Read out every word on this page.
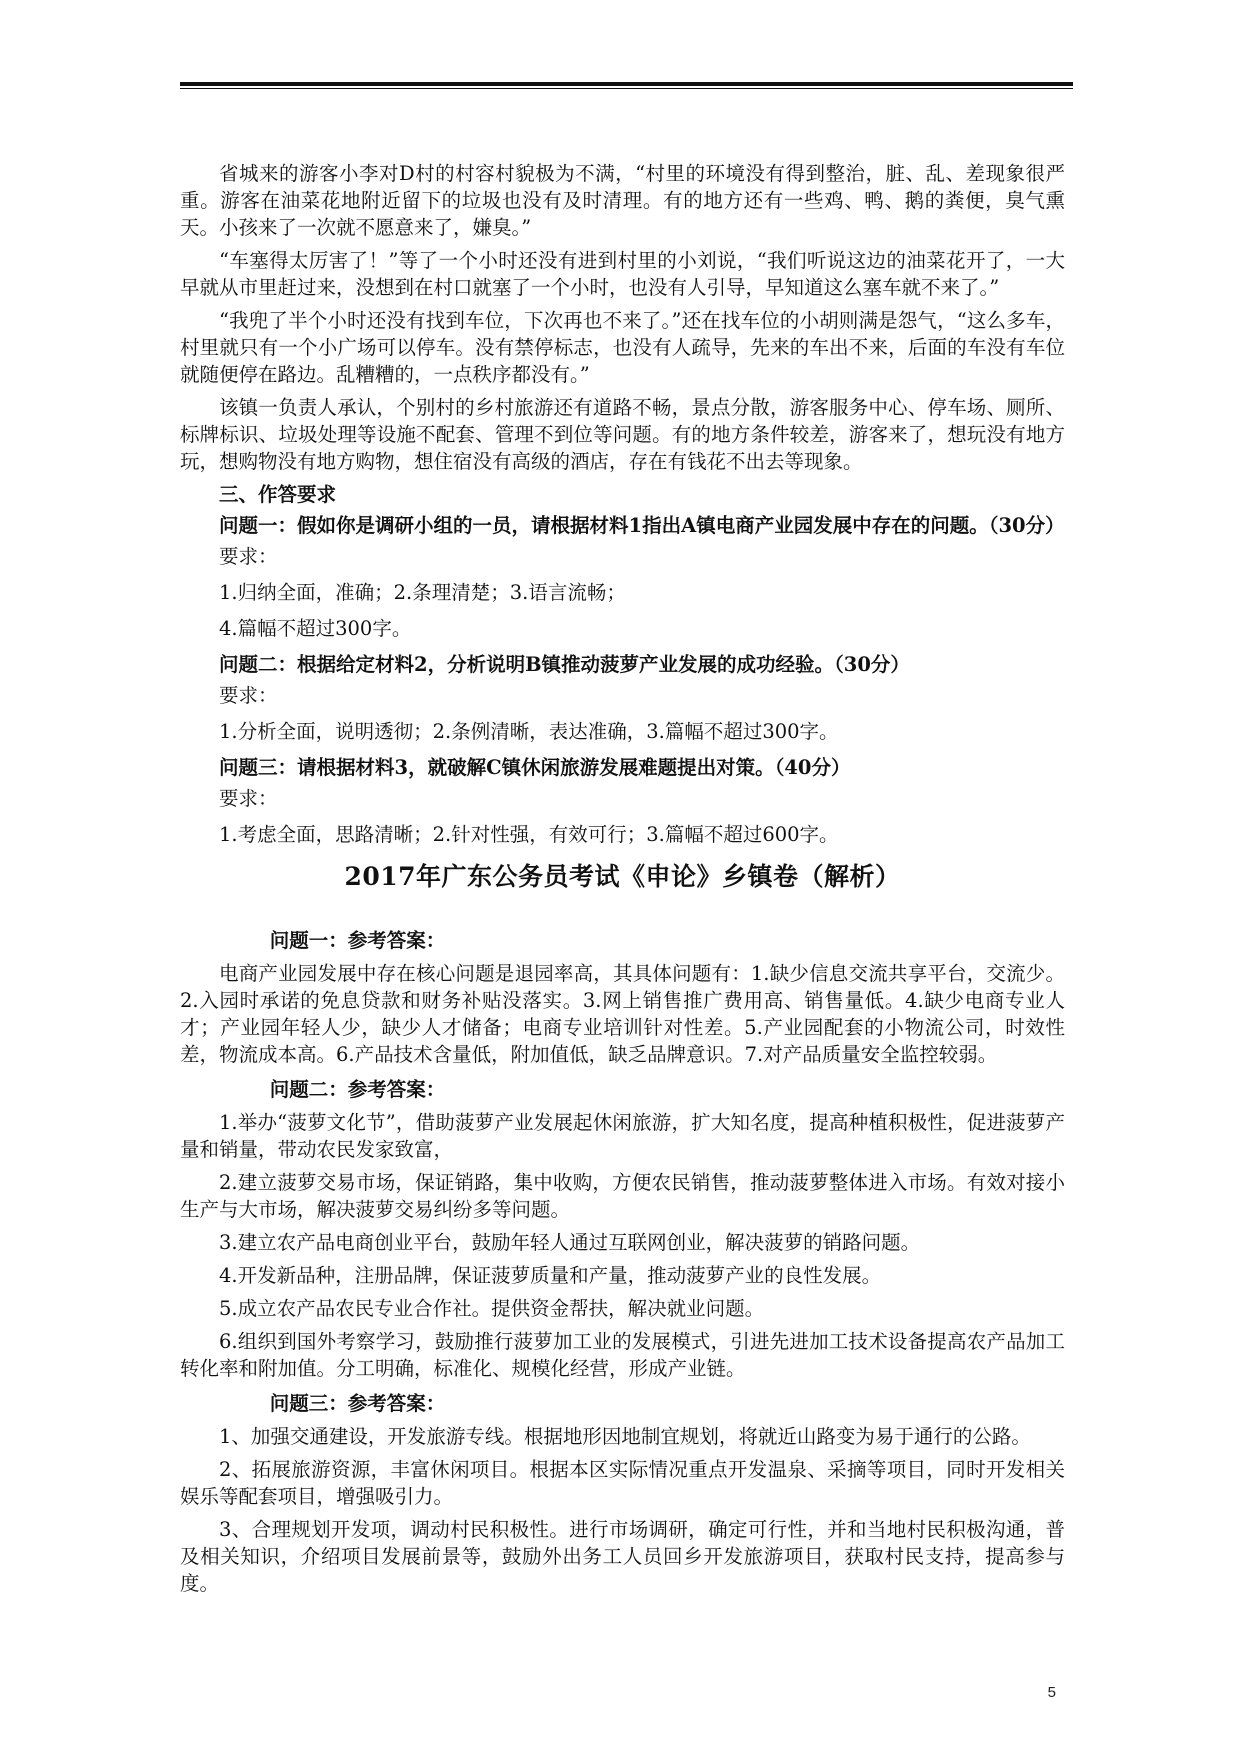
省城来的游客小李对D村的村容村貌极为不满，“村里的环境没有得到整治，脏、乱、差现象很严重。游客在油菜花地附近留下的垃圾也没有及时清理。有的地方还有一些鸡、鸭、鹅的粪便，臭气熏天。小孩来了一次就不愿意来了，嫌臭。”

“车塞得太厉害了！”等了一个小时还没有进到村里的小刘说，“我们听说这边的油菜花开了，一大早就从市里赶过来，没想到在村口就塞了一个小时，也没有人引导，早知道这么塞车就不来了。”

“我兜了半个小时还没有找到车位，下次再也不来了。”还在找车位的小胡则满是怨气，“这么多车，村里就只有一个小广场可以停车。没有禁停标志，也没有人疏导，先来的车出不来，后面的车没有车位就随便停在路边。乱糟糟的，一点秩序都没有。”

该镇一负责人承认，个别村的乡村旅游还有道路不畅，景点分散，游客服务中心、停车场、厕所、标牌标识、垃圾处理等设施不配套、管理不到位等问题。有的地方条件较差，游客来了，想玩没有地方玩，想购物没有地方购物，想住宿没有高级的酒店，存在有钱花不出去等现象。

三、作答要求

问题一：假如你是调研小组的一员，请根据材料1指出A镇电商产业园发展中存在的问题。（30分）

要求：

1.归纳全面，准确；2.条理清楚；3.语言流畅；

4.篇幅不超过300字。

问题二：根据给定材料2，分析说明B镇推动菠萝产业发展的成功经验。（30分）

要求：

1.分析全面，说明透彻；2.条例清晰，表达准确，3.篇幅不超过300字。

问题三：请根据材料3，就破解C镇休闲旅游发展难题提出对策。（40分）

要求：

1.考虑全面，思路清晰；2.针对性强，有效可行；3.篇幅不超过600字。

2017年广东公务员考试《申论》乡镇卷（解析）

问题一：参考答案：

电商产业园发展中存在核心问题是退园率高，其具体问题有：1.缺少信息交流共享平台，交流少。2.入园时承诺的免息贷款和财务补贴没落实。3.网上销售推广费用高、销售量低。4.缺少电商专业人才；产业园年轻人少，缺少人才储备；电商专业培训针对性差。5.产业园配套的小物流公司，时效性差，物流成本高。6.产品技术含量低，附加值低，缺乏品牌意识。7.对产品质量安全监控较弱。

问题二：参考答案：

1.举办“菠萝文化节”，借助菠萝产业发展起休闲旅游，扩大知名度，提高种植积极性，促进菠萝产量和销量，带动农民发家致富，

2.建立菠萝交易市场，保证销路，集中收购，方便农民销售，推动菠萝整体进入市场。有效对接小生产与大市场，解决菠萝交易纠纷多等问题。

3.建立农产品电商创业平台，鼓励年轻人通过互联网创业，解决菠萝的销路问题。

4.开发新品种，注册品牌，保证菠萝质量和产量，推动菠萝产业的良性发展。

5.成立农产品农民专业合作社。提供资金帮扶，解决就业问题。

6.组织到国外考察学习，鼓励推行菠萝加工业的发展模式，引进先进加工技术设备提高农产品加工转化率和附加值。分工明确，标准化、规模化经营，形成产业链。

问题三：参考答案：

1、加强交通建设，开发旅游专线。根据地形因地制宜规划，将就近山路变为易于通行的公路。

2、拓展旅游资源，丰富休闲项目。根据本区实际情况重点开发温泉、采摘等项目，同时开发相关娱乐等配套项目，增强吸引力。

3、合理规划开发项，调动村民积极性。进行市场调研，确定可行性，并和当地村民积极沟通，普及相关知识，介绍项目发展前景等，鼓励外出务工人员回乡开发旅游项目，获取村民支持，提高参与度。

5
